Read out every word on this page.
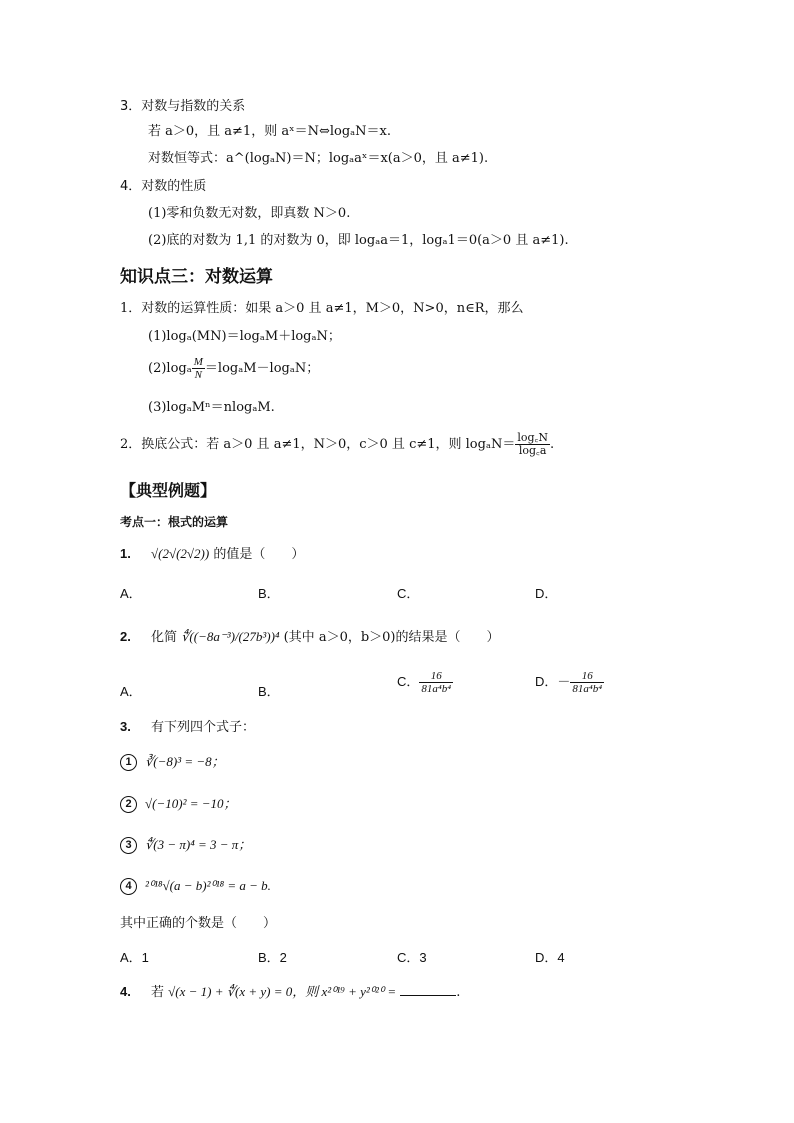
3．对数与指数的关系
若 a＞0，且 a≠1，则 aˣ＝N⇔logₐN＝x.
对数恒等式：a^(logₐN)＝N；logₐaˣ＝x(a＞0，且 a≠1).
4．对数的性质
(1)零和负数无对数，即真数 N＞0.
(2)底的对数为 1,1 的对数为 0，即 logₐa＝1，logₐ1＝0(a＞0 且 a≠1).
知识点三：对数运算
1．对数的运算性质：如果 a＞0 且 a≠1，M＞0，N>0，n∈R，那么
(1)logₐ(MN)＝logₐM＋logₐN；
$(2)\log_a \frac{M}{N} =\log_aM-\log_aN$；
(3)logₐMⁿ＝nlogₐM.
2．换底公式：若 a＞0 且 a≠1，N＞0，c＞0 且 c≠1，则 $\log_aN= \frac{\log꜀N}{\log꜀a}$ .
【典型例题】
考点一：根式的运算
1. √(2√(2√2)) 的值是（　　）
A．	B．	C．	D．
2. 化简 ∜((−8a⁻³)/(27b³))⁴ (其中 a＞0，b＞0)的结果是（　　）
A．	B．
C． $\frac{16}{\text{81a⁴b⁴}}$	D．－ $\frac{16}{\text{81a⁴b⁴}}$
3. 有下列四个式子：
1 ∛(−8)³ = −8；
2 √(−10)² = −10；
3 ∜(3 − π)⁴ = 3 − π；
4 ²⁰¹⁸√(a − b)²⁰¹⁸ = a − b.
其中正确的个数是（　　）
A．1	B．2	C．3	D．4
4. 若 √(x − 1) + ∜(x + y) = 0，则 x²⁰¹⁹ + y²⁰²⁰ =	.
